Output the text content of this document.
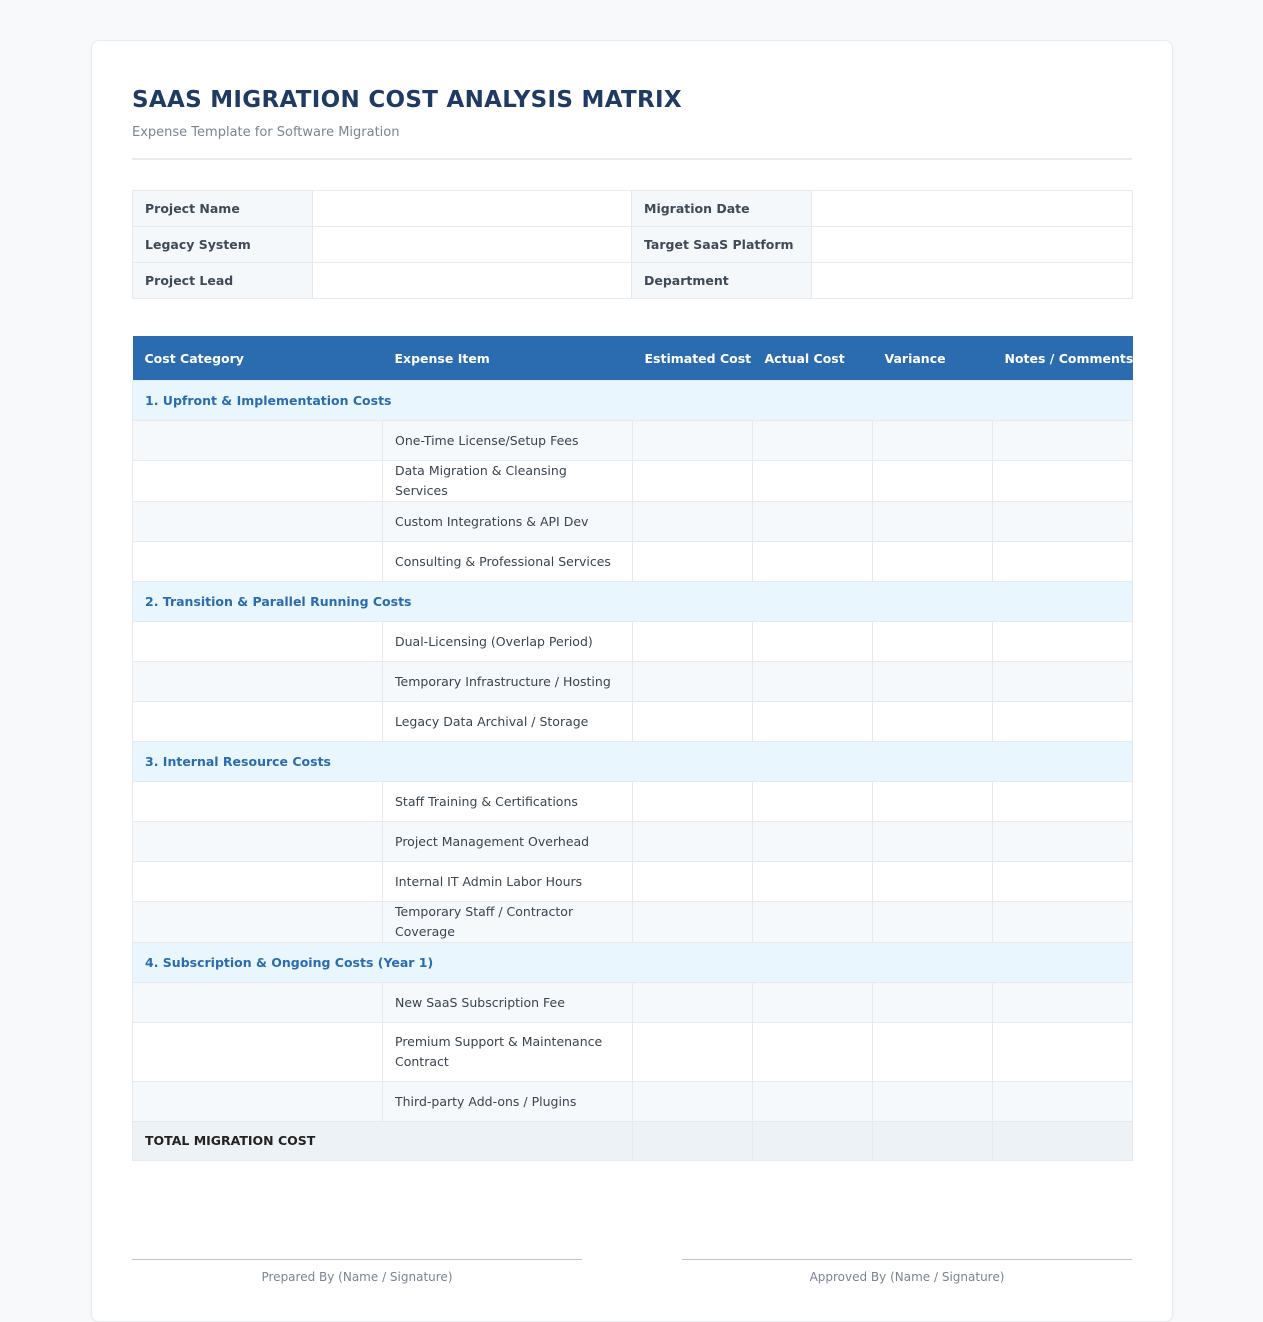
SAAS MIGRATION COST ANALYSIS MATRIX
Expense Template for Software Migration
Project Name		Migration Date	
Legacy System		Target SaaS Platform	
Project Lead		Department	
Cost Category	Expense Item	Estimated Cost	Actual Cost	Variance	Notes / Comments
1. Upfront & Implementation Costs					
	One-Time License/Setup Fees				
	Data Migration & Cleansing Services				
	Custom Integrations & API Dev				
	Consulting & Professional Services				
2. Transition & Parallel Running Costs					
	Dual-Licensing (Overlap Period)				
	Temporary Infrastructure / Hosting				
	Legacy Data Archival / Storage				
3. Internal Resource Costs					
	Staff Training & Certifications				
	Project Management Overhead				
	Internal IT Admin Labor Hours				
	Temporary Staff / Contractor Coverage				
4. Subscription & Ongoing Costs (Year 1)					
	New SaaS Subscription Fee				
	Premium Support & Maintenance Contract				
	Third-party Add-ons / Plugins				
TOTAL MIGRATION COST					
Prepared By (Name / Signature)	Approved By (Name / Signature)
